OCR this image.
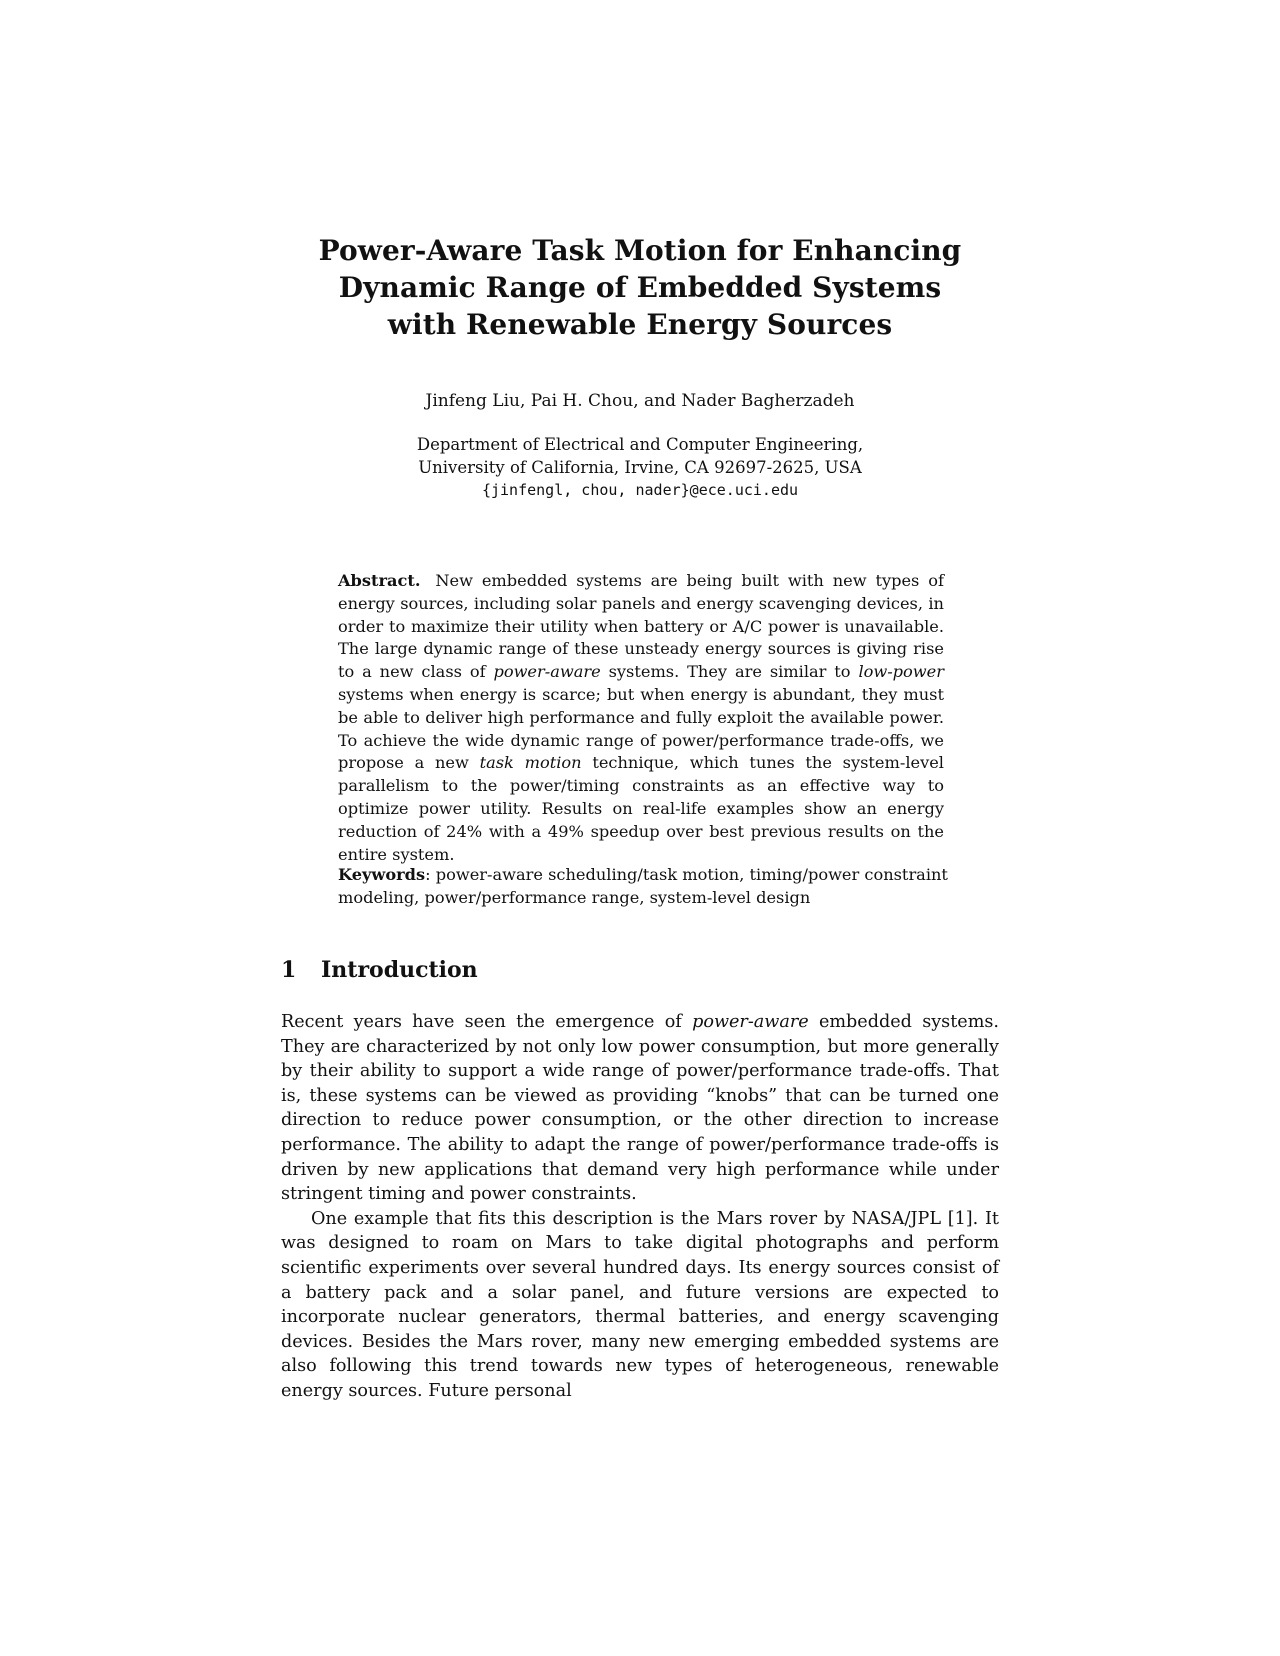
Power-Aware Task Motion for Enhancing
Dynamic Range of Embedded Systems
with Renewable Energy Sources
Jinfeng Liu, Pai H. Chou, and Nader Bagherzadeh
Department of Electrical and Computer Engineering,
University of California, Irvine, CA 92697-2625, USA
{jinfengl, chou, nader}@ece.uci.edu
Abstract. New embedded systems are being built with new types of energy sources, including solar panels and energy scavenging devices, in order to maximize their utility when battery or A/C power is unavailable. The large dynamic range of these unsteady energy sources is giving rise to a new class of power-aware systems. They are similar to low-power systems when energy is scarce; but when energy is abundant, they must be able to deliver high performance and fully exploit the available power. To achieve the wide dynamic range of power/performance trade-offs, we propose a new task motion technique, which tunes the system-level parallelism to the power/timing constraints as an effective way to optimize power utility. Results on real-life examples show an energy reduction of 24% with a 49% speedup over best previous results on the entire system.
Keywords: power-aware scheduling/task motion, timing/power constraint modeling, power/performance range, system-level design
1 Introduction

Recent years have seen the emergence of power-aware embedded systems. They are characterized by not only low power consumption, but more generally by their ability to support a wide range of power/performance trade-offs. That is, these systems can be viewed as providing “knobs” that can be turned one direction to reduce power consumption, or the other direction to increase performance. The ability to adapt the range of power/performance trade-offs is driven by new applications that demand very high performance while under stringent timing and power constraints.

One example that fits this description is the Mars rover by NASA/JPL [1]. It was designed to roam on Mars to take digital photographs and perform scientific experiments over several hundred days. Its energy sources consist of a battery pack and a solar panel, and future versions are expected to incorporate nuclear generators, thermal batteries, and energy scavenging devices. Besides the Mars rover, many new emerging embedded systems are also following this trend towards new types of heterogeneous, renewable energy sources. Future personal
